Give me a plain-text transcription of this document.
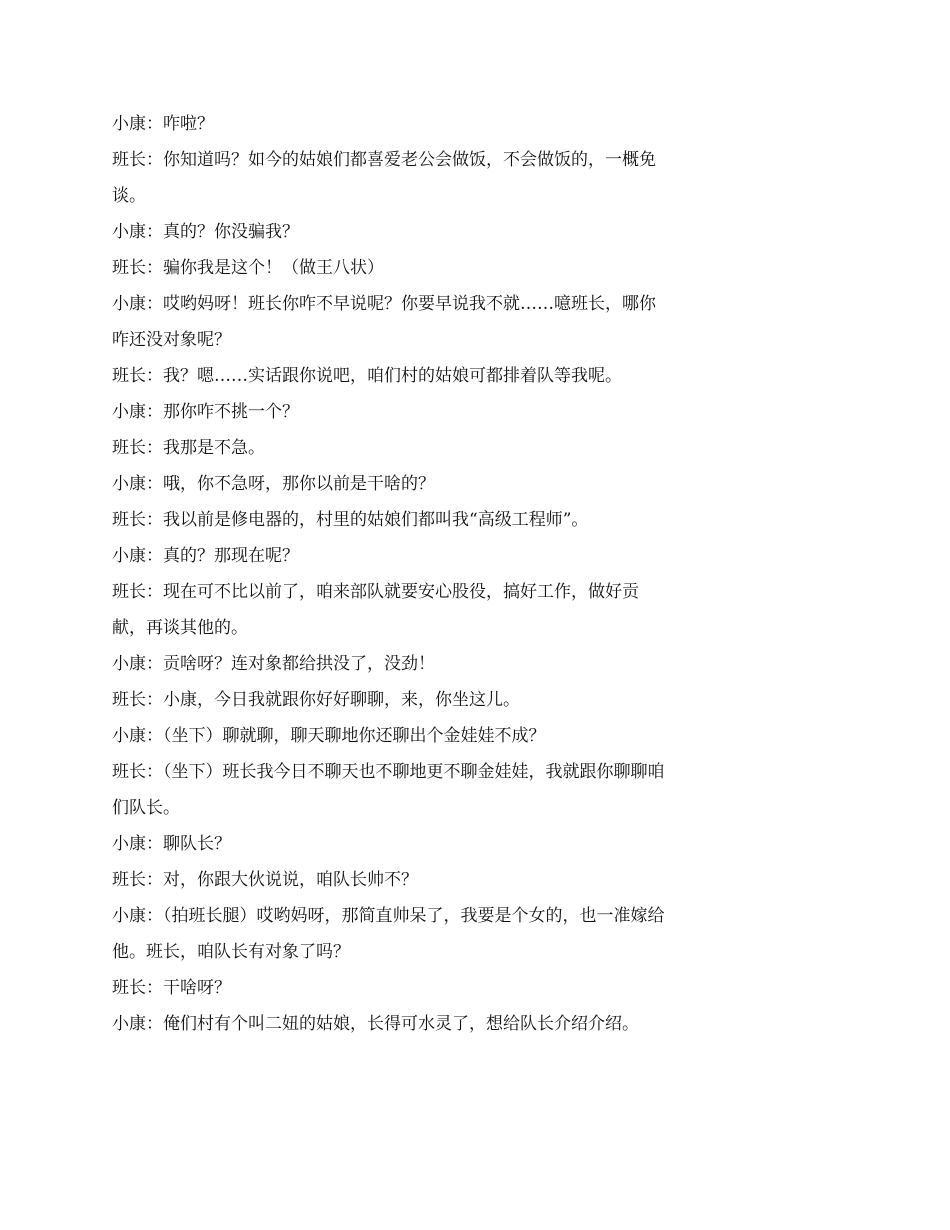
小康：咋啦？

班长：你知道吗？如今的姑娘们都喜爱老公会做饭，不会做饭的，一概免谈。

小康：真的？你没骗我？

班长：骗你我是这个！（做王八状）

小康：哎哟妈呀！班长你咋不早说呢？你要早说我不就……噫班长，哪你咋还没对象呢？

班长：我？嗯……实话跟你说吧，咱们村的姑娘可都排着队等我呢。

小康：那你咋不挑一个？

班长：我那是不急。

小康：哦，你不急呀，那你以前是干啥的？

班长：我以前是修电器的，村里的姑娘们都叫我“高级工程师”。

小康：真的？那现在呢？

班长：现在可不比以前了，咱来部队就要安心股役，搞好工作，做好贡献，再谈其他的。

小康：贡啥呀？连对象都给拱没了，没劲！

班长：小康，今日我就跟你好好聊聊，来，你坐这儿。

小康：（坐下）聊就聊，聊天聊地你还聊出个金娃娃不成？

班长：（坐下）班长我今日不聊天也不聊地更不聊金娃娃，我就跟你聊聊咱们队长。

小康：聊队长？

班长：对，你跟大伙说说，咱队长帅不？

小康：（拍班长腿）哎哟妈呀，那简直帅呆了，我要是个女的，也一准嫁给他。班长，咱队长有对象了吗？

班长：干啥呀？

小康：俺们村有个叫二妞的姑娘，长得可水灵了，想给队长介绍介绍。
